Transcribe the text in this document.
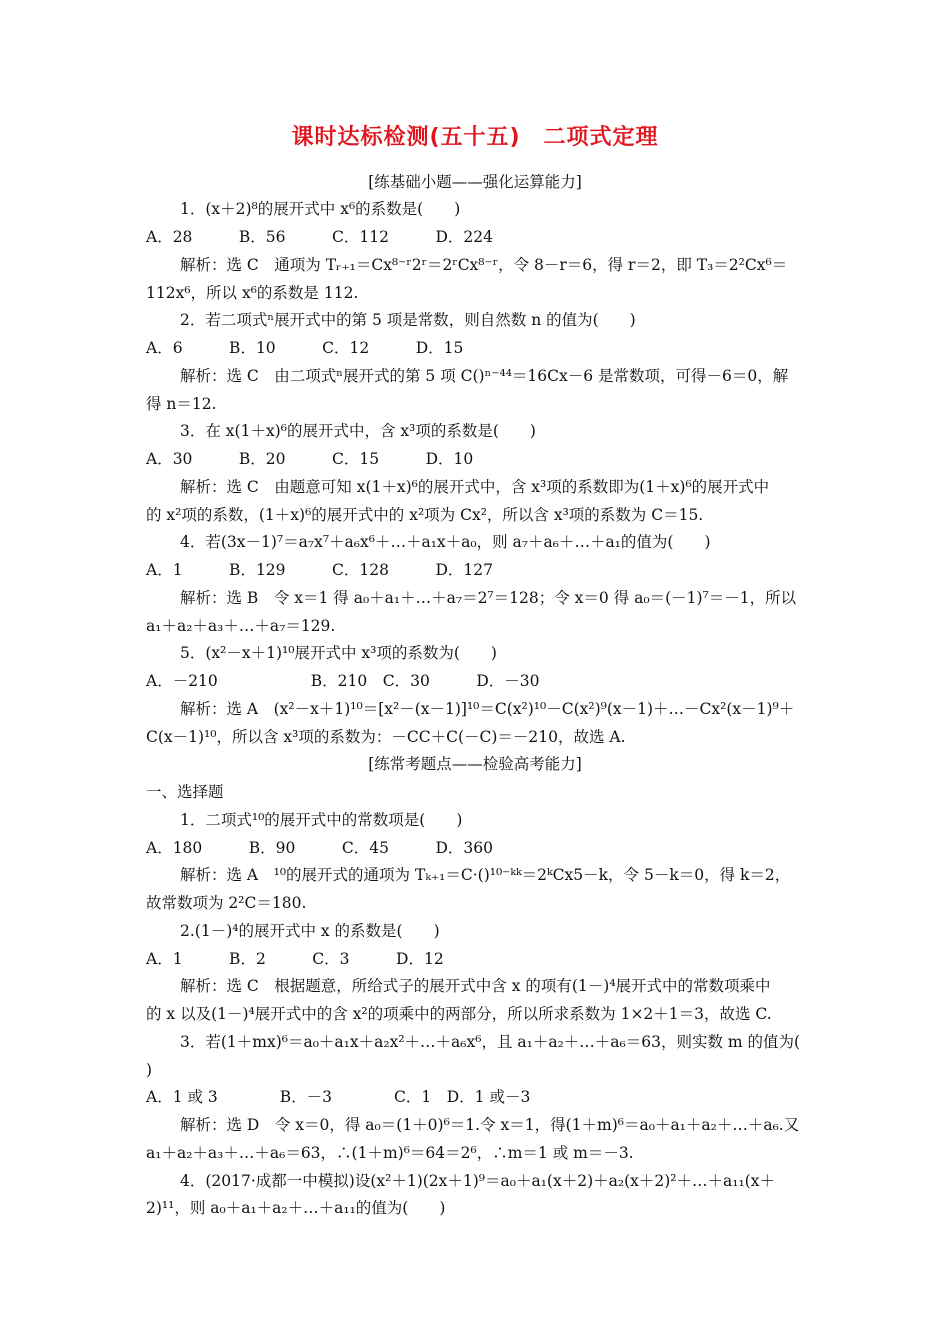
课时达标检测(五十五)　二项式定理
[练基础小题——强化运算能力]
1．(x＋2)⁸的展开式中 x⁶的系数是(　　)
A．28　　　B．56　　　C．112　　　D．224
解析：选 C　通项为 Tᵣ₊₁＝Cx⁸⁻ʳ2ʳ＝2ʳCx⁸⁻ʳ，令 8－r＝6，得 r＝2，即 T₃＝2²Cx⁶＝
112x⁶，所以 x⁶的系数是 112.
2．若二项式ⁿ展开式中的第 5 项是常数，则自然数 n 的值为(　　)
A．6　　　B．10　　　C．12　　　D．15
解析：选 C　由二项式ⁿ展开式的第 5 项 C()ⁿ⁻⁴⁴＝16Cx－6 是常数项，可得－6＝0，解
得 n＝12.
3．在 x(1＋x)⁶的展开式中，含 x³项的系数是(　　)
A．30　　　B．20　　　C．15　　　D．10
解析：选 C　由题意可知 x(1＋x)⁶的展开式中，含 x³项的系数即为(1＋x)⁶的展开式中
的 x²项的系数，(1＋x)⁶的展开式中的 x²项为 Cx²，所以含 x³项的系数为 C＝15.
4．若(3x－1)⁷＝a₇x⁷＋a₆x⁶＋…＋a₁x＋a₀，则 a₇＋a₆＋…＋a₁的值为(　　)
A．1　　　B．129　　　C．128　　　D．127
解析：选 B　令 x＝1 得 a₀＋a₁＋…＋a₇＝2⁷＝128；令 x＝0 得 a₀＝(－1)⁷＝－1，所以
a₁＋a₂＋a₃＋…＋a₇＝129.
5．(x²－x＋1)¹⁰展开式中 x³项的系数为(　　)
A．－210　　　　　　B．210　C．30　　　D．－30
解析：选 A　(x²－x＋1)¹⁰＝[x²－(x－1)]¹⁰＝C(x²)¹⁰－C(x²)⁹(x－1)＋…－Cx²(x－1)⁹＋
C(x－1)¹⁰，所以含 x³项的系数为：－CC＋C(－C)＝－210，故选 A.
[练常考题点——检验高考能力]
一、选择题
1．二项式¹⁰的展开式中的常数项是(　　)
A．180　　　B．90　　　C．45　　　D．360
解析：选 A　¹⁰的展开式的通项为 Tₖ₊₁＝C·()¹⁰⁻ᵏᵏ＝2ᵏCx5－k，令 5－k＝0，得 k＝2，
故常数项为 2²C＝180.
2.(1－)⁴的展开式中 x 的系数是(　　)
A．1　　　B．2　　　C．3　　　D．12
解析：选 C　根据题意，所给式子的展开式中含 x 的项有(1－)⁴展开式中的常数项乘中
的 x 以及(1－)⁴展开式中的含 x²的项乘中的两部分，所以所求系数为 1×2＋1＝3，故选 C.
3．若(1＋mx)⁶＝a₀＋a₁x＋a₂x²＋…＋a₆x⁶，且 a₁＋a₂＋…＋a₆＝63，则实数 m 的值为(
)
A．1 或 3　　　　B．－3　　　　C．1　D．1 或－3
解析：选 D　令 x＝0，得 a₀＝(1＋0)⁶＝1.令 x＝1，得(1＋m)⁶＝a₀＋a₁＋a₂＋…＋a₆.又
a₁＋a₂＋a₃＋…＋a₆＝63，∴(1＋m)⁶＝64＝2⁶，∴m＝1 或 m＝－3.
4．(2017·成都一中模拟)设(x²＋1)(2x＋1)⁹＝a₀＋a₁(x＋2)＋a₂(x＋2)²＋…＋a₁₁(x＋
2)¹¹，则 a₀＋a₁＋a₂＋…＋a₁₁的值为(　　)
